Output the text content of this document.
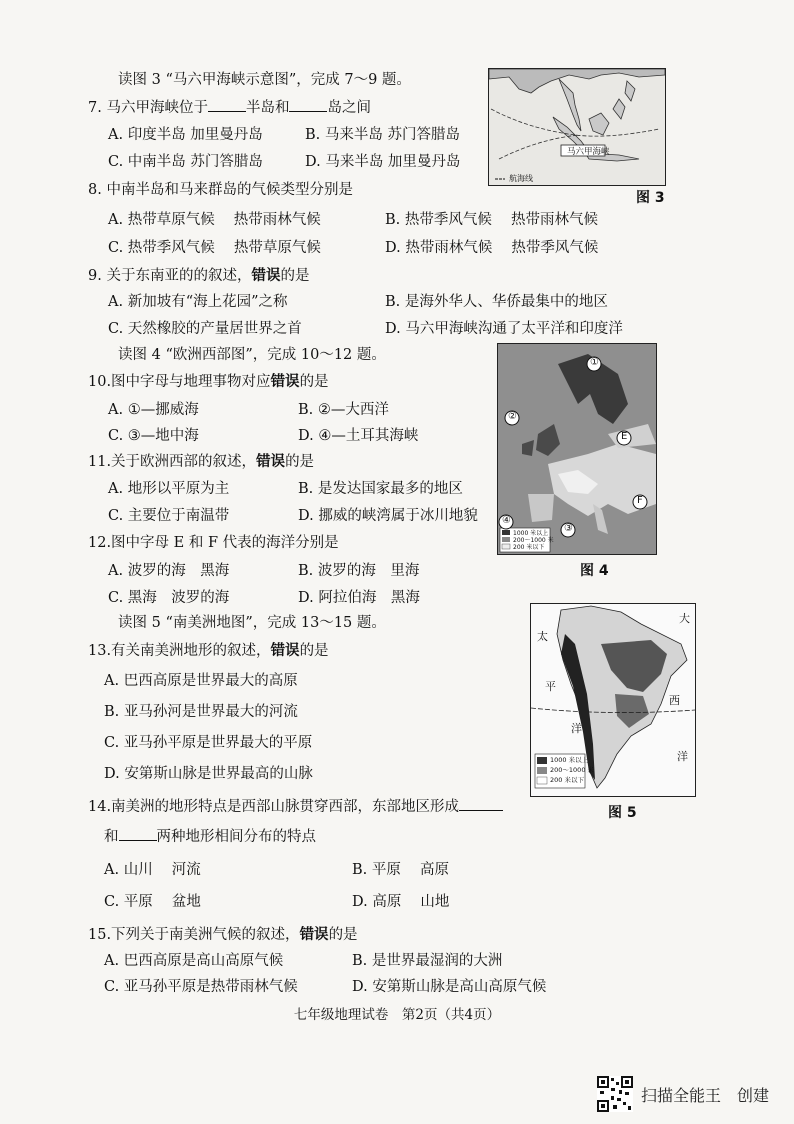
读图 3 “马六甲海峡示意图”，完成 7～9 题。
7. 马六甲海峡位于	半岛和	岛之间
A. 印度半岛 加里曼丹岛	B. 马来半岛 苏门答腊岛
C. 中南半岛 苏门答腊岛	D. 马来半岛 加里曼丹岛
马六甲海峡
航海线
图 3
8. 中南半岛和马来群岛的气候类型分别是
A. 热带草原气候　 热带雨林气候	B. 热带季风气候　 热带雨林气候
C. 热带季风气候　 热带草原气候	D. 热带雨林气候　 热带季风气候
9. 关于东南亚的的叙述，错误的是
A. 新加坡有“海上花园”之称	B. 是海外华人、华侨最集中的地区
C. 天然橡胶的产量居世界之首	D. 马六甲海峡沟通了太平洋和印度洋
读图 4 “欧洲西部图”，完成 10～12 题。
10.图中字母与地理事物对应错误的是
A. ①—挪威海	B. ②—大西洋
C. ③—地中海	D. ④—土耳其海峡
11.关于欧洲西部的叙述，错误的是
A. 地形以平原为主	B. 是发达国家最多的地区
C. 主要位于南温带	D. 挪威的峡湾属于冰川地貌
12.图中字母 E 和 F 代表的海洋分别是
A. 波罗的海　黑海	B. 波罗的海　里海
C. 黑海　波罗的海	D. 阿拉伯海　黑海
①
②
③
④
E
F
1000 米以上
200～1000 米
200 米以下
图 4
读图 5 “南美洲地图”，完成 13～15 题。
13.有关南美洲地形的叙述，错误的是
A. 巴西高原是世界最大的高原
B. 亚马孙河是世界最大的河流
C. 亚马孙平原是世界最大的平原
D. 安第斯山脉是世界最高的山脉
太
平
洋
大
西
洋
1000 米以上
200～1000 米
200 米以下
图 5
14.南美洲的地形特点是西部山脉贯穿西部，东部地区形成
和	两种地形相间分布的特点
A. 山川　 河流	B. 平原　 高原
C. 平原　 盆地	D. 高原　 山地
15.下列关于南美洲气候的叙述，错误的是
A. 巴西高原是高山高原气候	B. 是世界最湿润的大洲
C. 亚马孙平原是热带雨林气候	D. 安第斯山脉是高山高原气候
七年级地理试卷　第2页（共4页）
扫描全能王　创建
